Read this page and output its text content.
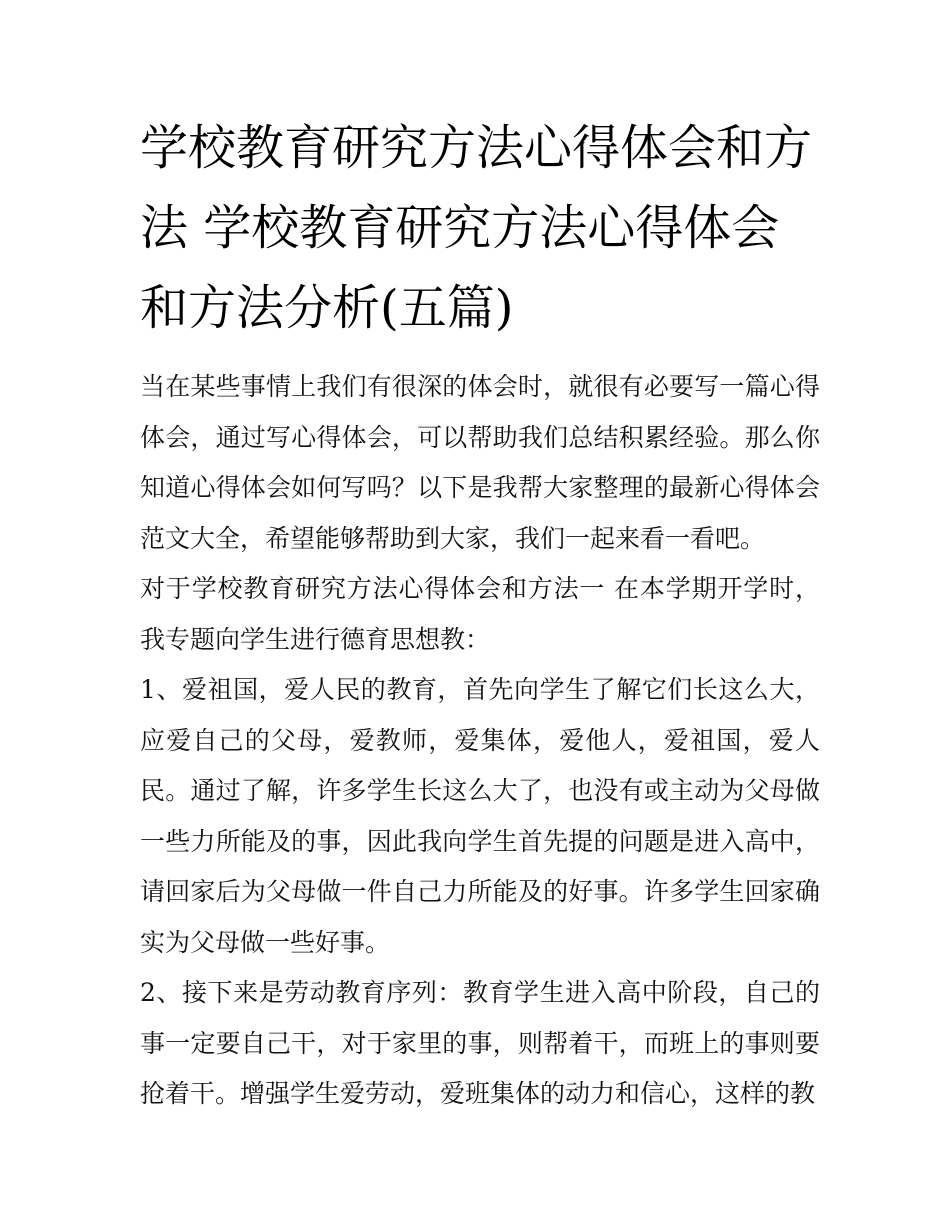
学校教育研究方法心得体会和方法 学校教育研究方法心得体会和方法分析(五篇)

当在某些事情上我们有很深的体会时，就很有必要写一篇心得体会，通过写心得体会，可以帮助我们总结积累经验。那么你知道心得体会如何写吗？以下是我帮大家整理的最新心得体会范文大全，希望能够帮助到大家，我们一起来看一看吧。

对于学校教育研究方法心得体会和方法一 在本学期开学时，我专题向学生进行德育思想教：

1、爱祖国，爱人民的教育，首先向学生了解它们长这么大，应爱自己的父母，爱教师，爱集体，爱他人，爱祖国，爱人民。通过了解，许多学生长这么大了，也没有或主动为父母做一些力所能及的事，因此我向学生首先提的问题是进入高中，请回家后为父母做一件自己力所能及的好事。许多学生回家确实为父母做一些好事。

2、接下来是劳动教育序列：教育学生进入高中阶段，自己的事一定要自己干，对于家里的事，则帮着干，而班上的事则要抢着干。增强学生爱劳动，爱班集体的动力和信心，这样的教
